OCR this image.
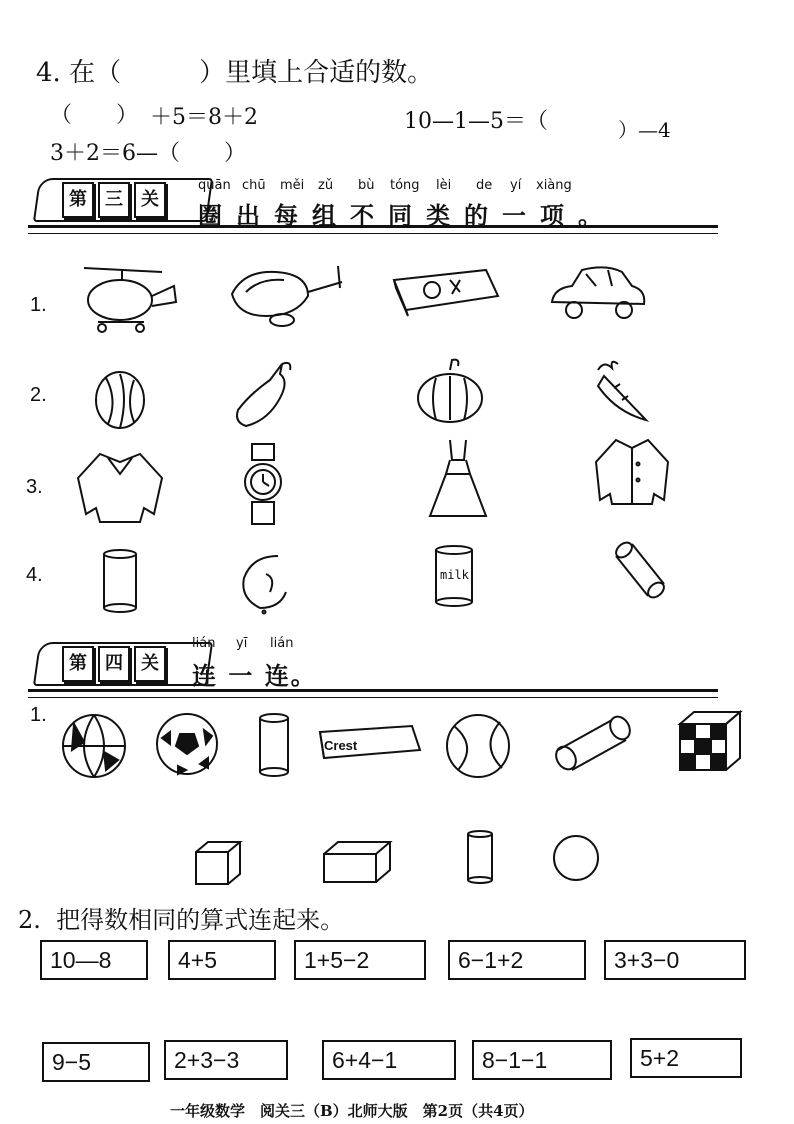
4. 在（　　　）里填上合适的数。
（　　） ＋5＝8＋2	10—1—5＝（	）—4
3＋2＝6—（　　）
第	三	关
quān chū měi zǔ bù tóng lèi de yí xiàng
圈出每组不同类的一项。
1.
2.
3.
4.	milk
第	四	关
lián yī lián
连 一 连。
1.
Crest
2.  把得数相同的算式连起来。
10—8	4+5	1+5−2	6−1+2	3+3−0
9−5	2+3−3	6+4−1	8−1−1	5+2
一年级数学　阅关三（B）北师大版　第2页（共4页）
